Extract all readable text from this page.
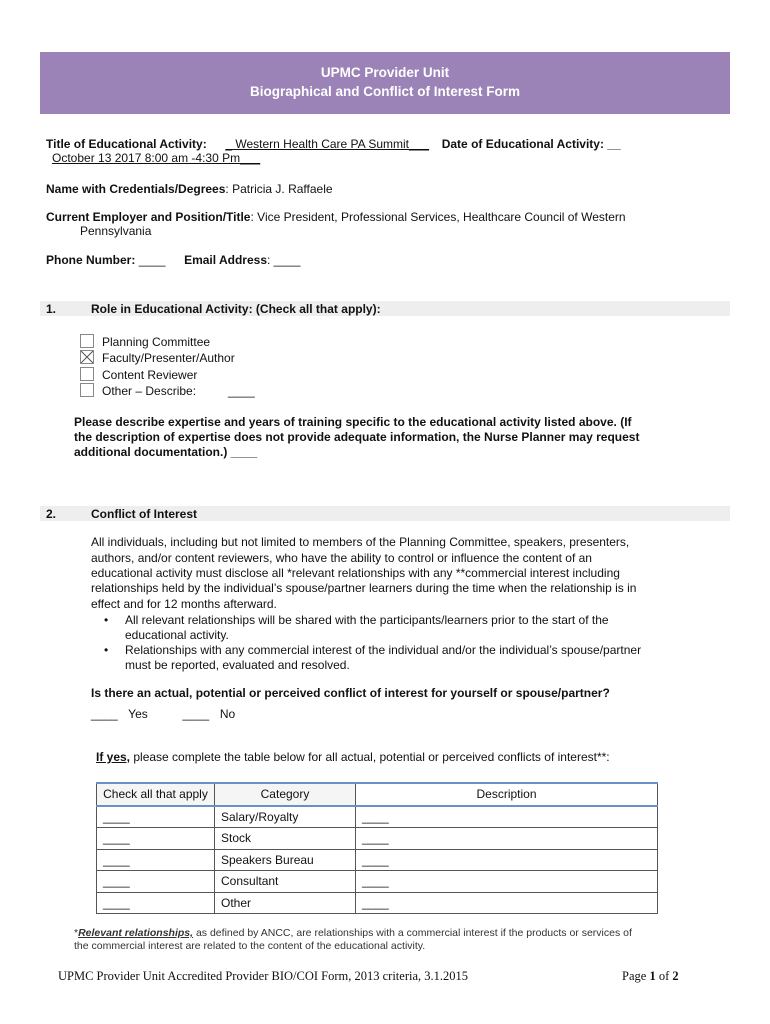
UPMC Provider Unit
Biographical and Conflict of Interest Form
Title of Educational Activity: _ Western Health Care PA Summit___ Date of Educational Activity: __
October 13 2017 8:00 am -4:30 Pm___
Name with Credentials/Degrees: Patricia J. Raffaele
Current Employer and Position/Title: Vice President, Professional Services, Healthcare Council of Western
Pennsylvania
Phone Number: ____ Email Address: ____
1.	Role in Educational Activity: (Check all that apply):
Planning Committee
Faculty/Presenter/Author
Content Reviewer
Other – Describe:	____
Please describe expertise and years of training specific to the educational activity listed above. (If
the description of expertise does not provide adequate information, the Nurse Planner may request
additional documentation.) ____
2.	Conflict of Interest
All individuals, including but not limited to members of the Planning Committee, speakers, presenters,
authors, and/or content reviewers, who have the ability to control or influence the content of an
educational activity must disclose all *relevant relationships with any **commercial interest including
relationships held by the individual’s spouse/partner learners during the time when the relationship is in
effect and for 12 months afterward.
• All relevant relationships will be shared with the participants/learners prior to the start of the
educational activity.
• Relationships with any commercial interest of the individual and/or the individual’s spouse/partner
must be reported, evaluated and resolved.
Is there an actual, potential or perceived conflict of interest for yourself or spouse/partner?
____ Yes	____ No
If yes, please complete the table below for all actual, potential or perceived conflicts of interest**:
Check all that apply	Category	Description
____	Salary/Royalty	____
____	Stock	____
____	Speakers Bureau	____
____	Consultant	____
____	Other	____
*Relevant relationships, as defined by ANCC, are relationships with a commercial interest if the products or services of
the commercial interest are related to the content of the educational activity.
UPMC Provider Unit Accredited Provider BIO/COI Form, 2013 criteria, 3.1.2015	Page 1 of 2
